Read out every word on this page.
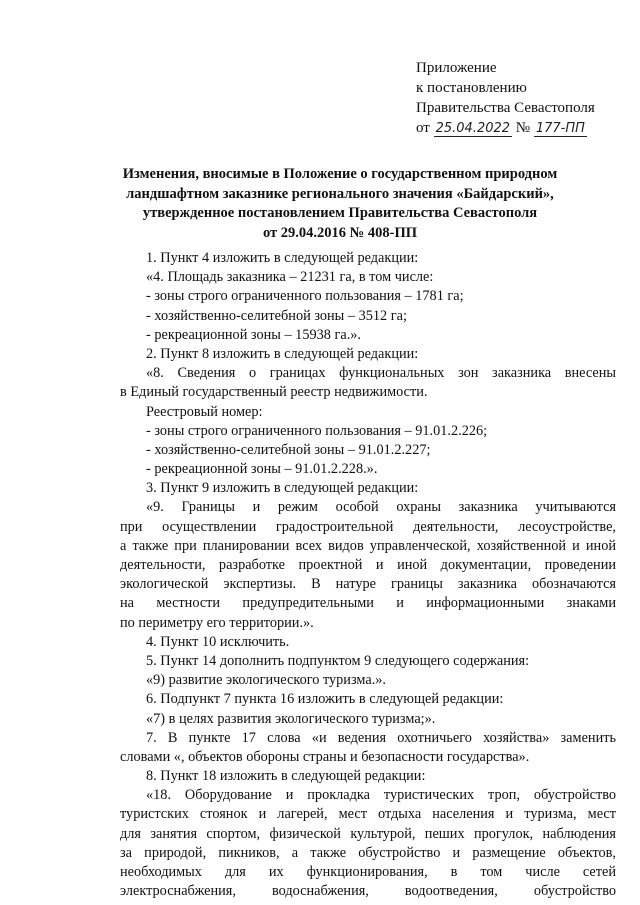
Приложение
к постановлению
Правительства Севастополя
от 25.04.2022 № 177-ПП
Изменения, вносимые в Положение о государственном природном
ландшафтном заказнике регионального значения «Байдарский»,
утвержденное постановлением Правительства Севастополя
от 29.04.2016 № 408-ПП
1. Пункт 4 изложить в следующей редакции:
«4. Площадь заказника – 21231 га, в том числе:
- зоны строго ограниченного пользования – 1781 га;
- хозяйственно-селитебной зоны – 3512 га;
- рекреационной зоны – 15938 га.».
2. Пункт 8 изложить в следующей редакции:
«8. Сведения о границах функциональных зон заказника внесены
в Единый государственный реестр недвижимости.
Реестровый номер:
- зоны строго ограниченного пользования – 91.01.2.226;
- хозяйственно-селитебной зоны – 91.01.2.227;
- рекреационной зоны – 91.01.2.228.».
3. Пункт 9 изложить в следующей редакции:
«9. Границы и режим особой охраны заказника учитываются
при осуществлении градостроительной деятельности, лесоустройстве,
а также при планировании всех видов управленческой, хозяйственной и иной
деятельности, разработке проектной и иной документации, проведении
экологической экспертизы. В натуре границы заказника обозначаются
на местности предупредительными и информационными знаками
по периметру его территории.».
4. Пункт 10 исключить.
5. Пункт 14 дополнить подпунктом 9 следующего содержания:
«9) развитие экологического туризма.».
6. Подпункт 7 пункта 16 изложить в следующей редакции:
«7) в целях развития экологического туризма;».
7. В пункте 17 слова «и ведения охотничьего хозяйства» заменить
словами «, объектов обороны страны и безопасности государства».
8. Пункт 18 изложить в следующей редакции:
«18. Оборудование и прокладка туристических троп, обустройство
туристских стоянок и лагерей, мест отдыха населения и туризма, мест
для занятия спортом, физической культурой, пеших прогулок, наблюдения
за природой, пикников, а также обустройство и размещение объектов,
необходимых для их функционирования, в том числе сетей
электроснабжения, водоснабжения, водоотведения, обустройство
